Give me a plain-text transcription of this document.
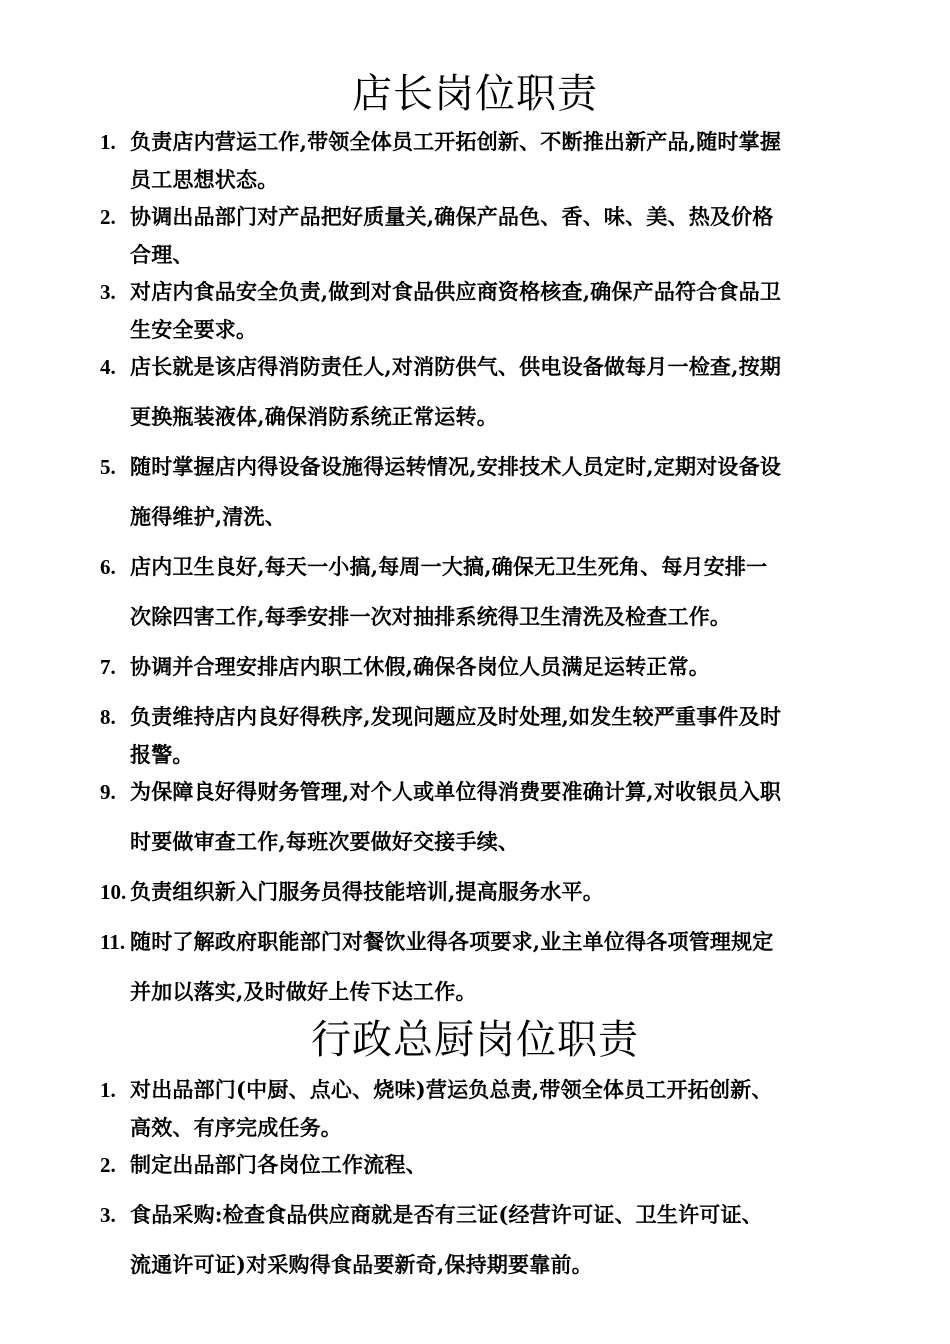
店长岗位职责
1. 负责店内营运工作,带领全体员工开拓创新、不断推出新产品,随时掌握
员工思想状态。
2. 协调出品部门对产品把好质量关,确保产品色、香、味、美、热及价格
合理、
3. 对店内食品安全负责,做到对食品供应商资格核查,确保产品符合食品卫
生安全要求。
4. 店长就是该店得消防责任人,对消防供气、供电设备做每月一检查,按期
更换瓶装液体,确保消防系统正常运转。
5. 随时掌握店内得设备设施得运转情况,安排技术人员定时,定期对设备设
施得维护,清洗、
6. 店内卫生良好,每天一小搞,每周一大搞,确保无卫生死角、每月安排一
次除四害工作,每季安排一次对抽排系统得卫生清洗及检查工作。
7. 协调并合理安排店内职工休假,确保各岗位人员满足运转正常。
8. 负责维持店内良好得秩序,发现问题应及时处理,如发生较严重事件及时
报警。
9. 为保障良好得财务管理,对个人或单位得消费要准确计算,对收银员入职
时要做审查工作,每班次要做好交接手续、
10. 负责组织新入门服务员得技能培训,提高服务水平。
11. 随时了解政府职能部门对餐饮业得各项要求,业主单位得各项管理规定
并加以落实,及时做好上传下达工作。
行政总厨岗位职责
1. 对出品部门(中厨、点心、烧味)营运负总责,带领全体员工开拓创新、
高效、有序完成任务。
2. 制定出品部门各岗位工作流程、
3. 食品采购:检查食品供应商就是否有三证(经营许可证、卫生许可证、
流通许可证)对采购得食品要新奇,保持期要靠前。
